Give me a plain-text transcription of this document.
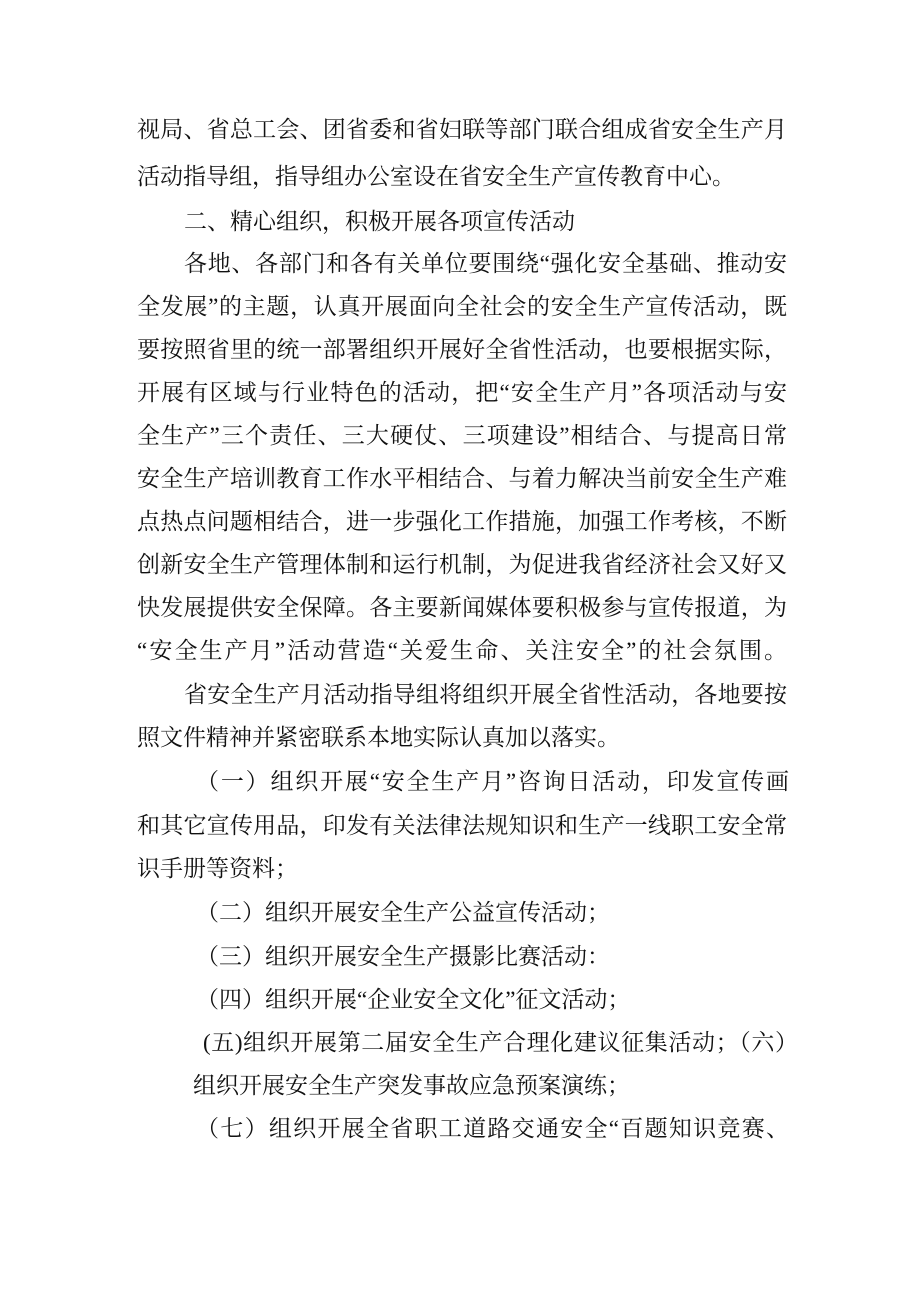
视局、省总工会、团省委和省妇联等部门联合组成省安全生产月
活动指导组，指导组办公室设在省安全生产宣传教育中心。
二、精心组织，积极开展各项宣传活动
各地、各部门和各有关单位要围绕“强化安全基础、推动安
全发展”的主题，认真开展面向全社会的安全生产宣传活动，既
要按照省里的统一部署组织开展好全省性活动，也要根据实际，
开展有区域与行业特色的活动，把“安全生产月”各项活动与安
全生产”三个责任、三大硬仗、三项建设”相结合、与提高日常
安全生产培训教育工作水平相结合、与着力解决当前安全生产难
点热点问题相结合，进一步强化工作措施，加强工作考核，不断
创新安全生产管理体制和运行机制，为促进我省经济社会又好又
快发展提供安全保障。各主要新闻媒体要积极参与宣传报道，为
“安全生产月”活动营造“关爱生命、关注安全”的社会氛围。
省安全生产月活动指导组将组织开展全省性活动，各地要按
照文件精神并紧密联系本地实际认真加以落实。
（一）组织开展“安全生产月”咨询日活动，印发宣传画
和其它宣传用品，印发有关法律法规知识和生产一线职工安全常
识手册等资料；
（二）组织开展安全生产公益宣传活动；
（三）组织开展安全生产摄影比赛活动：
（四）组织开展“企业安全文化”征文活动；
(五)组织开展第二届安全生产合理化建议征集活动；（六）
组织开展安全生产突发事故应急预案演练；
（七）组织开展全省职工道路交通安全“百题知识竞赛、
